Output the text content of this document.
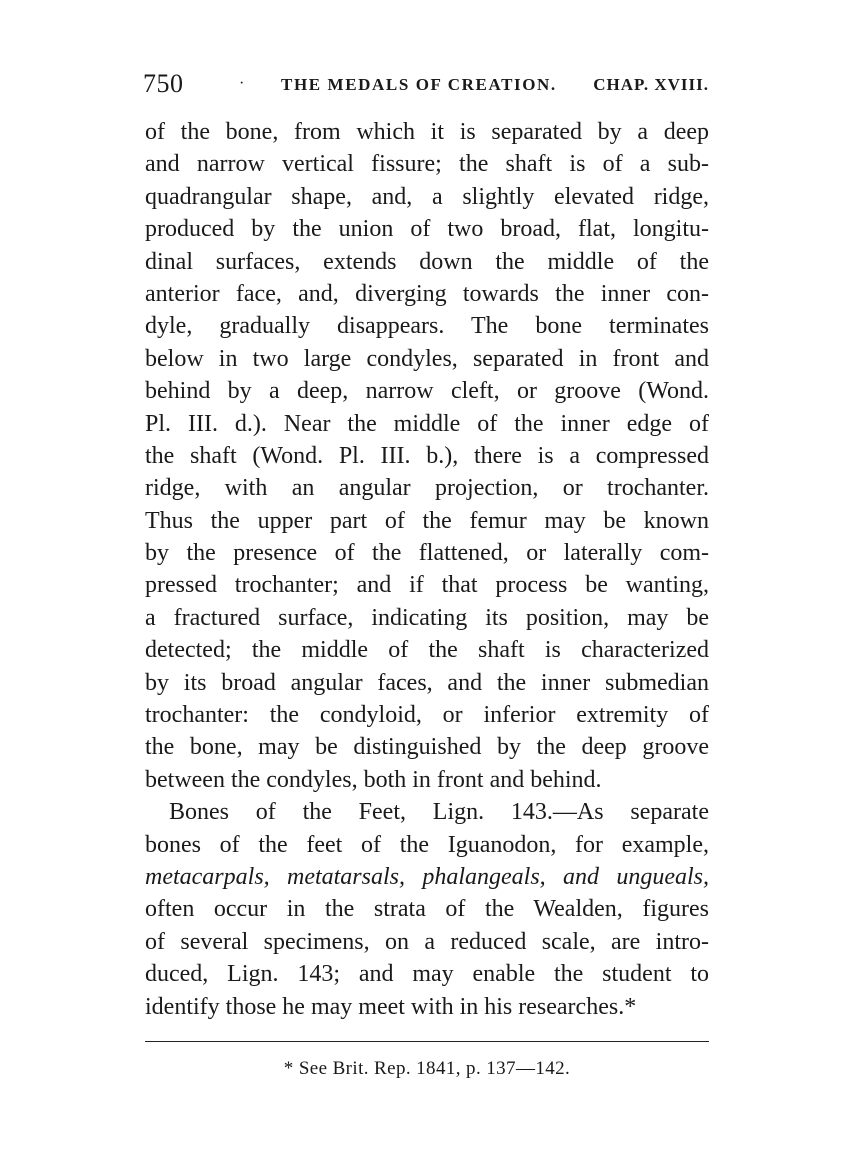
750	· THE MEDALS OF CREATION. CHAP. XVIII.
of the bone, from which it is separated by a deep
and narrow vertical fissure; the shaft is of a sub-
quadrangular shape, and, a slightly elevated ridge,
produced by the union of two broad, flat, longitu-
dinal surfaces, extends down the middle of the
anterior face, and, diverging towards the inner con-
dyle, gradually disappears. The bone terminates
below in two large condyles, separated in front and
behind by a deep, narrow cleft, or groove (Wond.
Pl. III. d.). Near the middle of the inner edge of
the shaft (Wond. Pl. III. b.), there is a compressed
ridge, with an angular projection, or trochanter.
Thus the upper part of the femur may be known
by the presence of the flattened, or laterally com-
pressed trochanter; and if that process be wanting,
a fractured surface, indicating its position, may be
detected; the middle of the shaft is characterized
by its broad angular faces, and the inner submedian
trochanter: the condyloid, or inferior extremity of
the bone, may be distinguished by the deep groove
between the condyles, both in front and behind.
Bones of the Feet, Lign. 143.—As separate
bones of the feet of the Iguanodon, for example,
metacarpals, metatarsals, phalangeals, and ungueals,
often occur in the strata of the Wealden, figures
of several specimens, on a reduced scale, are intro-
duced, Lign. 143; and may enable the student to
identify those he may meet with in his researches.*
* See Brit. Rep. 1841, p. 137—142.
